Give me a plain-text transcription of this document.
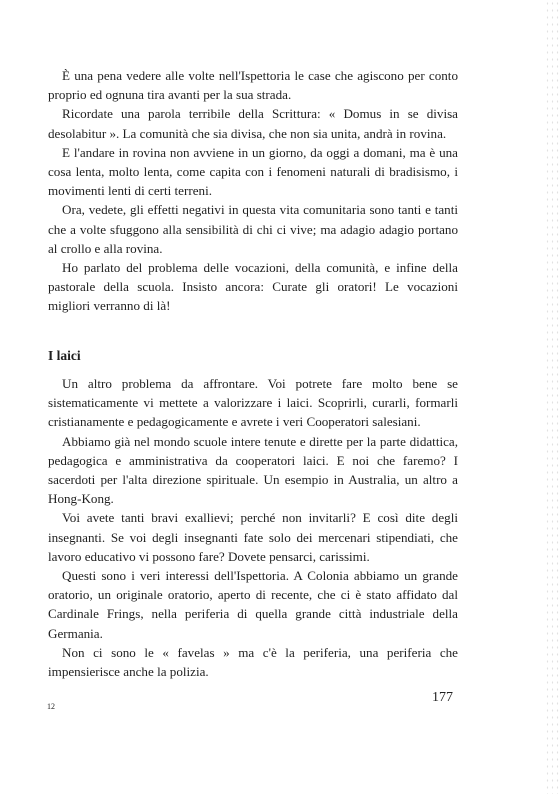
È una pena vedere alle volte nell'Ispettoria le case che agiscono per conto proprio ed ognuna tira avanti per la sua strada.

Ricordate una parola terribile della Scrittura: « Domus in se divisa desolabitur ». La comunità che sia divisa, che non sia unita, andrà in rovina.

E l'andare in rovina non avviene in un giorno, da oggi a domani, ma è una cosa lenta, molto lenta, come capita con i fenomeni naturali di bradisismo, i movimenti lenti di certi terreni.

Ora, vedete, gli effetti negativi in questa vita comunitaria sono tanti e tanti che a volte sfuggono alla sensibilità di chi ci vive; ma adagio adagio portano al crollo e alla rovina.

Ho parlato del problema delle vocazioni, della comunità, e infine della pastorale della scuola. Insisto ancora: Curate gli oratori! Le vocazioni migliori verranno di là!

I laici

Un altro problema da affrontare. Voi potrete fare molto bene se sistematicamente vi mettete a valorizzare i laici. Scoprirli, curarli, formarli cristianamente e pedagogicamente e avrete i veri Cooperatori salesiani.

Abbiamo già nel mondo scuole intere tenute e dirette per la parte didattica, pedagogica e amministrativa da cooperatori laici. E noi che faremo? I sacerdoti per l'alta direzione spirituale. Un esempio in Australia, un altro a Hong-Kong.

Voi avete tanti bravi exallievi; perché non invitarli? E così dite degli insegnanti. Se voi degli insegnanti fate solo dei mercenari stipendiati, che lavoro educativo vi possono fare? Dovete pensarci, carissimi.

Questi sono i veri interessi dell'Ispettoria. A Colonia abbiamo un grande oratorio, un originale oratorio, aperto di recente, che ci è stato affidato dal Cardinale Frings, nella periferia di quella grande città industriale della Germania.

Non ci sono le « favelas » ma c'è la periferia, una periferia che impensierisce anche la polizia.

177
12
